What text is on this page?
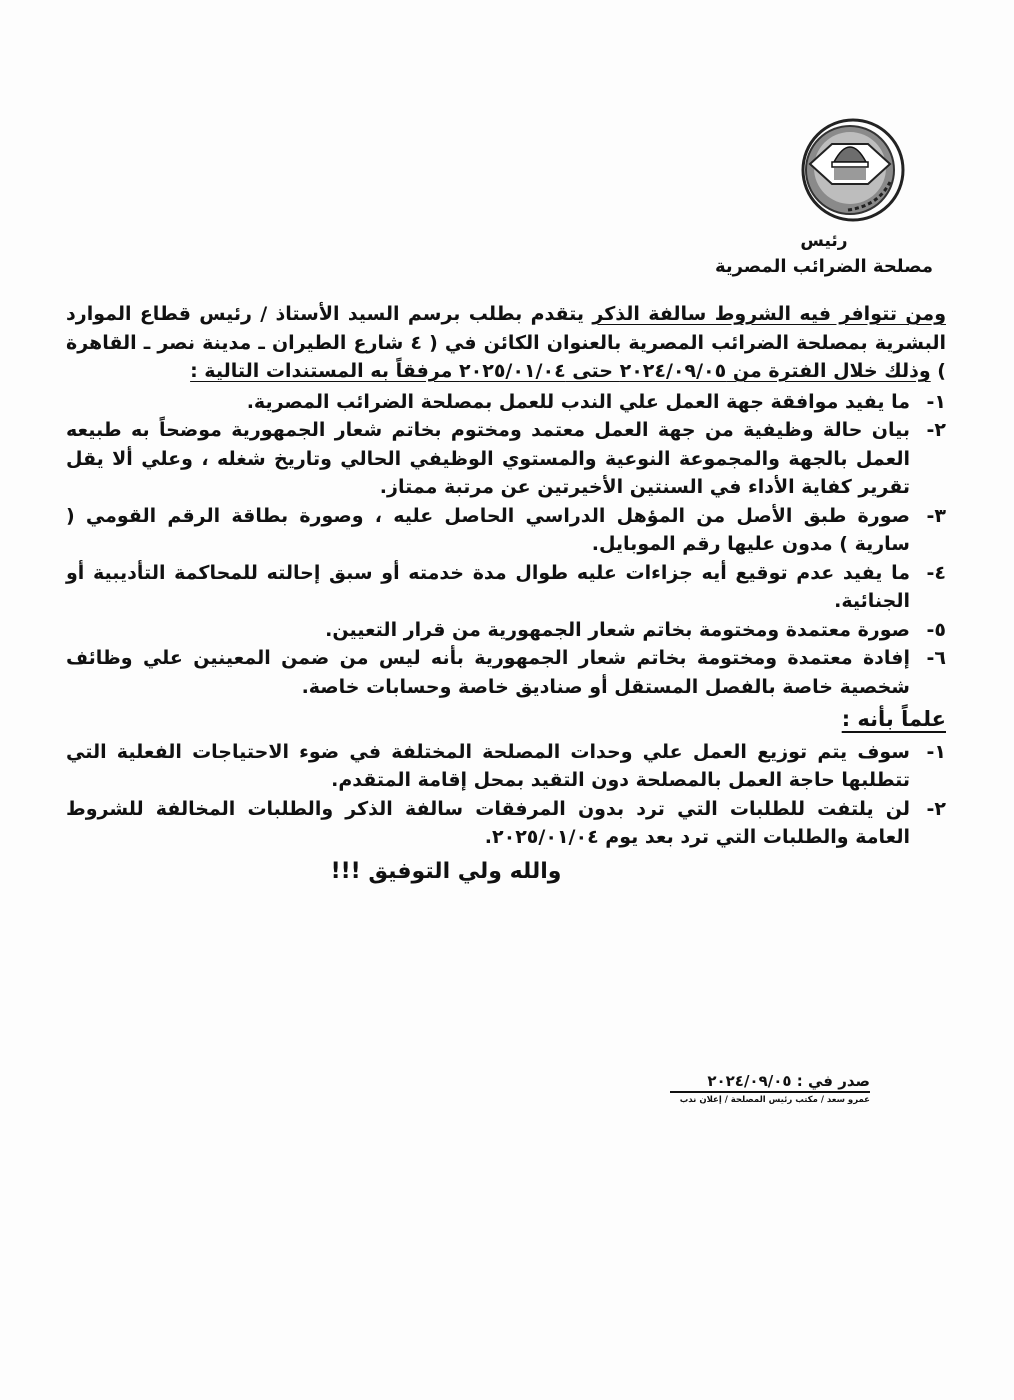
رئيس
مصلحة الضرائب المصرية

ومن تتوافر فيه الشروط سالفة الذكر يتقدم بطلب برسم السيد الأستاذ / رئيس قطاع الموارد البشرية بمصلحة الضرائب المصرية بالعنوان الكائن في ( ٤ شارع الطيران ـ مدينة نصر ـ القاهرة ) وذلك خلال الفترة من ٢٠٢٤/٠٩/٠٥ حتى ٢٠٢٥/٠١/٠٤ مرفقاً به المستندات التالية :

١-
ما يفيد موافقة جهة العمل علي الندب للعمل بمصلحة الضرائب المصرية.
٢-
بيان حالة وظيفية من جهة العمل معتمد ومختوم بخاتم شعار الجمهورية موضحاً به طبيعه العمل بالجهة والمجموعة النوعية والمستوي الوظيفي الحالي وتاريخ شغله ، وعلي ألا يقل تقرير كفاية الأداء في السنتين الأخيرتين عن مرتبة ممتاز.
٣-
صورة طبق الأصل من المؤهل الدراسي الحاصل عليه ، وصورة بطاقة الرقم القومي ( سارية ) مدون عليها رقم الموبايل.
٤-
ما يفيد عدم توقيع أيه جزاءات عليه طوال مدة خدمته أو سبق إحالته للمحاكمة التأديبية أو الجنائية.
٥-
صورة معتمدة ومختومة بخاتم شعار الجمهورية من قرار التعيين.
٦-
إفادة معتمدة ومختومة بخاتم شعار الجمهورية بأنه ليس من ضمن المعينين علي وظائف شخصية خاصة بالفصل المستقل أو صناديق خاصة وحسابات خاصة.
علماً بأنه :
١-
سوف يتم توزيع العمل علي وحدات المصلحة المختلفة في ضوء الاحتياجات الفعلية التي تتطلبها حاجة العمل بالمصلحة دون التقيد بمحل إقامة المتقدم.
٢-
لن يلتفت للطلبات التي ترد بدون المرفقات سالفة الذكر والطلبات المخالفة للشروط العامة والطلبات التي ترد بعد يوم ٢٠٢٥/٠١/٠٤.
والله ولي التوفيق !!!
صدر في : ٢٠٢٤/٠٩/٠٥
عمرو سعد / مكتب رئيس المصلحة / إعلان ندب
